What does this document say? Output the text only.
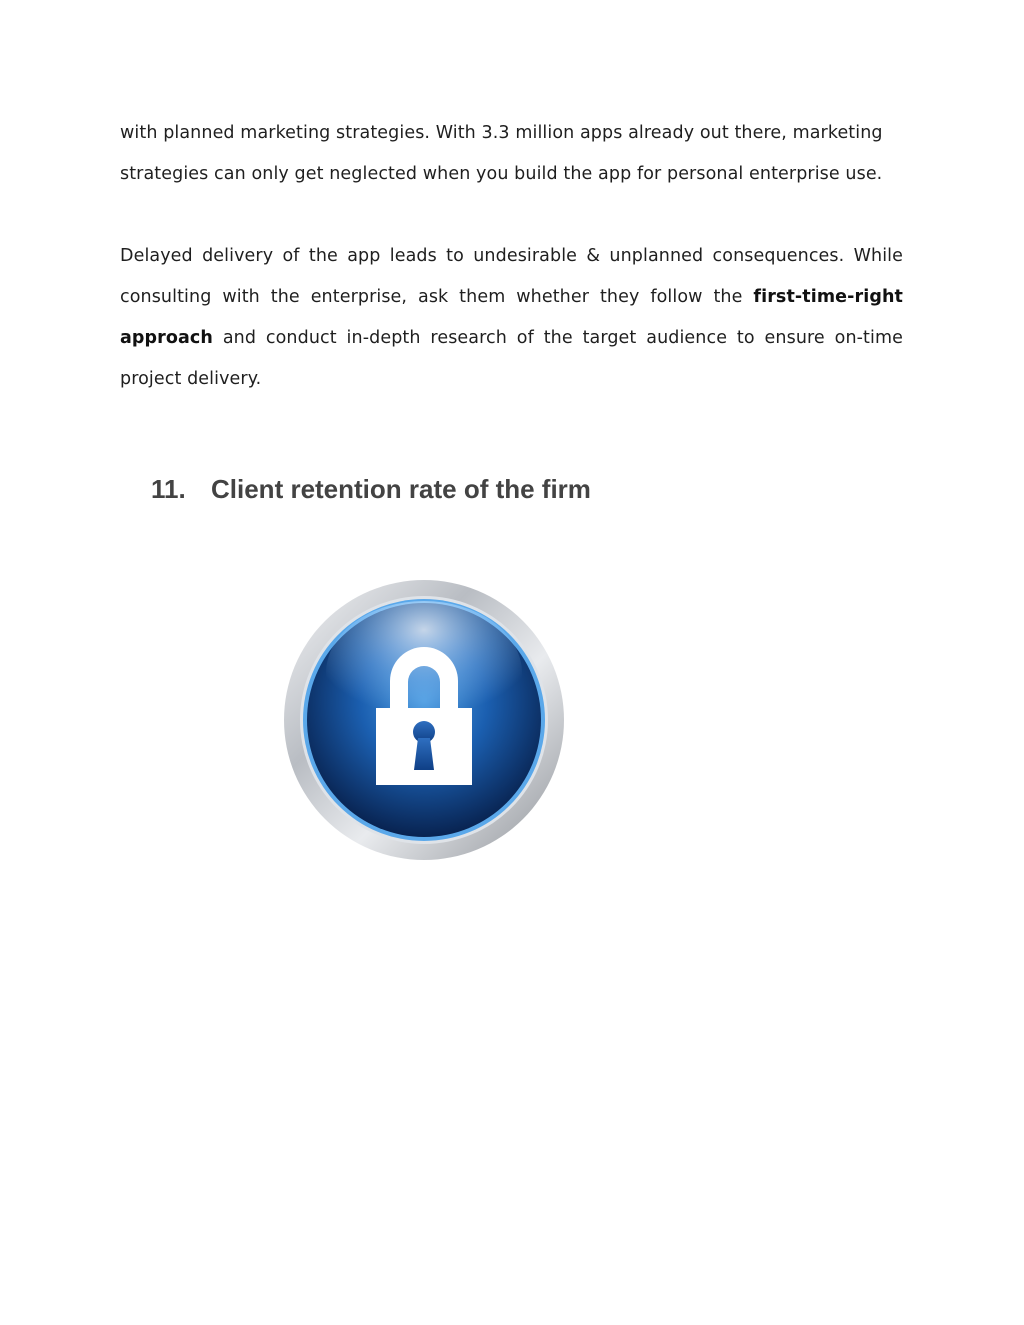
with planned marketing strategies. With 3.3 million apps already out there, marketing strategies can only get neglected when you build the app for personal enterprise use.

Delayed delivery of the app leads to undesirable & unplanned consequences. While consulting with the enterprise, ask them whether they follow the first-time-right approach and conduct in-depth research of the target audience to ensure on-time project delivery.

11. Client retention rate of the firm
